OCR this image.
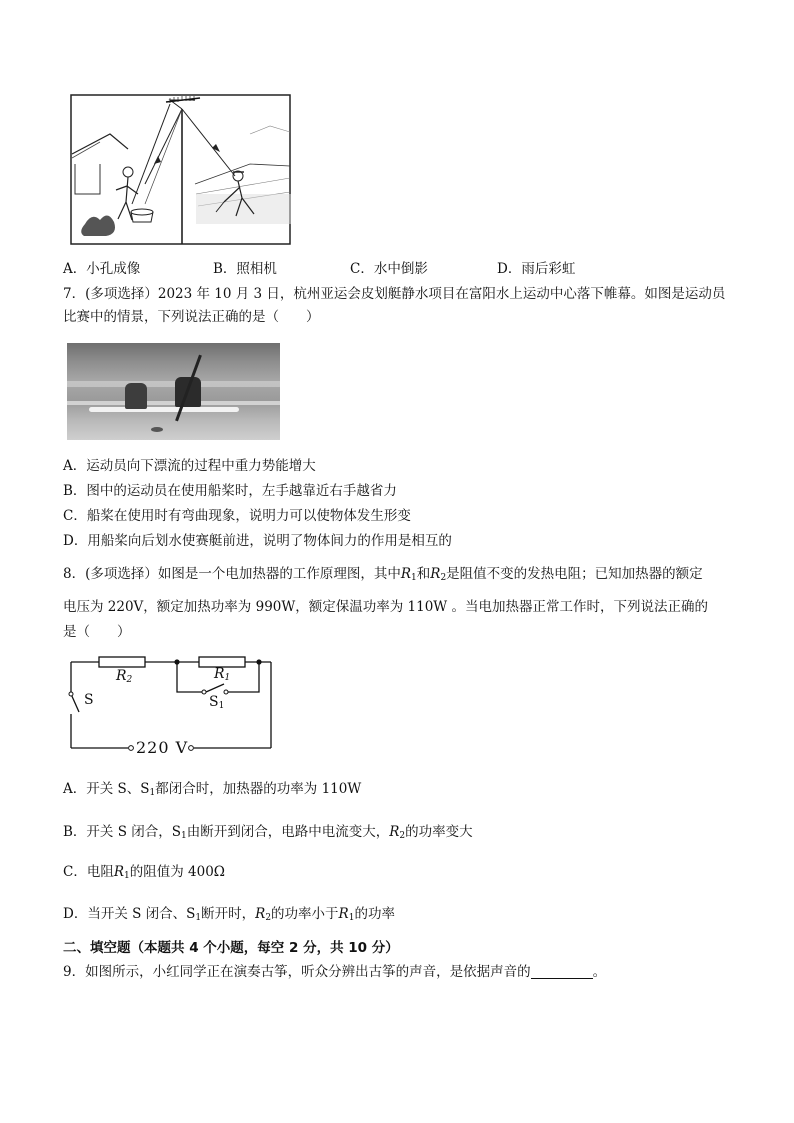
A．小孔成像	B．照相机	C．水中倒影	D．雨后彩虹
7．(多项选择）2023 年 10 月 3 日，杭州亚运会皮划艇静水项目在富阳水上运动中心落下帷幕。如图是运动员
比赛中的情景，下列说法正确的是（　　）
A．运动员向下漂流的过程中重力势能增大
B．图中的运动员在使用船桨时，左手越靠近右手越省力
C．船桨在使用时有弯曲现象，说明力可以使物体发生形变
D．用船桨向后划水使赛艇前进，说明了物体间力的作用是相互的
8．(多项选择）如图是一个电加热器的工作原理图，其中$R_1$和$R_2$是阻值不变的发热电阻；已知加热器的额定
电压为 220V，额定加热功率为 990W，额定保温功率为 110W 。当电加热器正常工作时，下列说法正确的
是（　　）
$R_2$	$R_1$
S	$S_1$
220 V
A．开关 S、$S_1$都闭合时，加热器的功率为 110W
B．开关 S 闭合，$S_1$由断开到闭合，电路中电流变大，$R_2$的功率变大
C．电阻$R_1$的阻值为 400Ω
D．当开关 S 闭合、$S_1$断开时，$R_2$的功率小于$R_1$的功率
二、填空题（本题共 4 个小题，每空 2 分，共 10 分）
9．如图所示，小红同学正在演奏古筝，听众分辨出古筝的声音，是依据声音的	。
